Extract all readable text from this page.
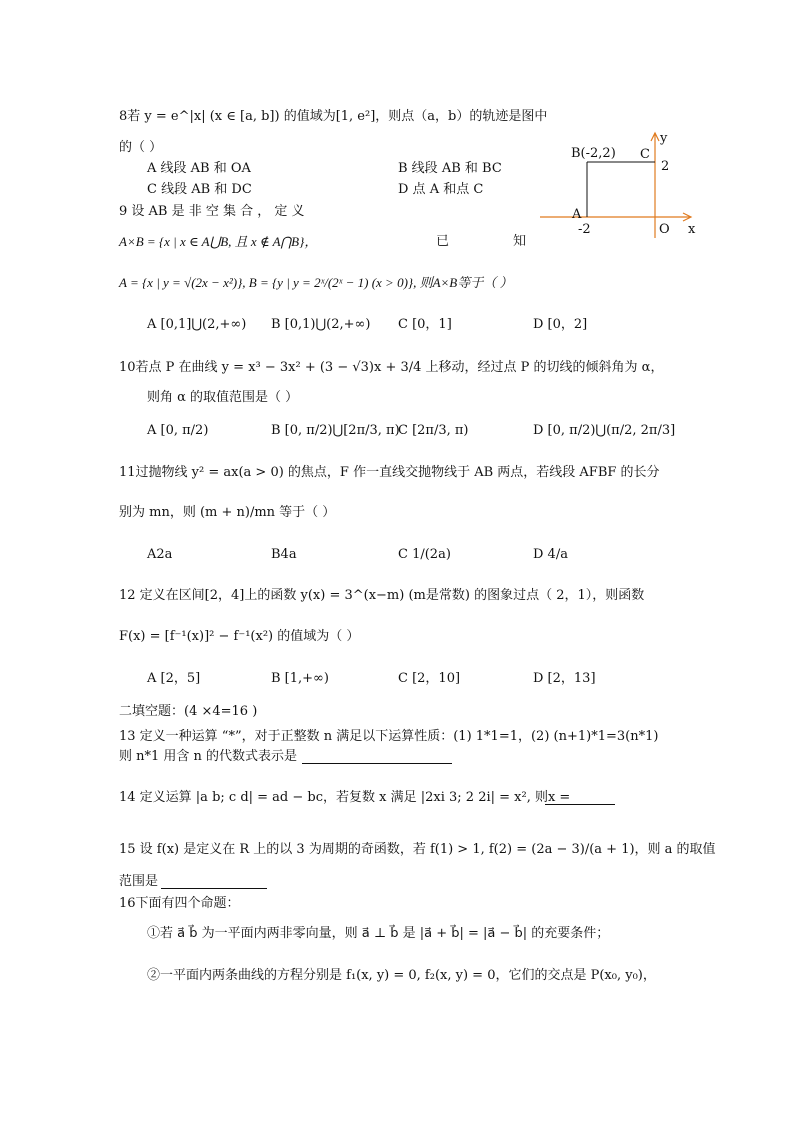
8若 y = e^|x| (x ∈ [a, b]) 的值域为[1, e²]，则点（a，b）的轨迹是图中
的（ ）
A 线段 AB 和 OA	B 线段 AB 和 BC
C 线段 AB 和 DC	D 点 A 和点 C
y
B(-2,2) C
2
A
-2	O x
9 设 AB 是 非 空 集 合 ， 定 义
A×B = {x | x ∈ A⋃B, 且 x ∉ A⋂B}，	已	知
A = {x | y = √(2x − x²)}, B = {y | y = 2ˣ/(2ˣ − 1) (x > 0)}, 则A×B等于（ ）
A [0,1]⋃(2,+∞) B [0,1)⋃(2,+∞) C [0，1]	D [0，2]
10若点 P 在曲线 y = x³ − 3x² + (3 − √3)x + 3/4 上移动，经过点 P 的切线的倾斜角为 α，
则角 α 的取值范围是（ ）
A [0, π/2)	B [0, π/2)⋃[2π/3, π)
C [2π/3, π)	D [0, π/2)⋃(π/2, 2π/3]
11过抛物线 y² = ax(a > 0) 的焦点，F 作一直线交抛物线于 AB 两点，若线段 AFBF 的长分
别为 mn，则 (m + n)/mn 等于（ ）
A2a	B4a	C 1/(2a)	D 4/a
12 定义在区间[2，4]上的函数 y(x) = 3^(x−m) (m是常数) 的图象过点（ 2，1），则函数
F(x) = [f⁻¹(x)]² − f⁻¹(x²) 的值域为（ ）
A [2，5]	B [1,+∞)	C [2，10]	D [2，13]
二填空题：(4 ×4=16 )
13 定义一种运算 “*”，对于正整数 n 满足以下运算性质：(1) 1*1=1，(2) (n+1)*1=3(n*1)
则 n*1 用含 n 的代数式表示是
14 定义运算 |a b; c d| = ad − bc，若复数 x 满足 |2xi 3; 2 2i| = x², 则x =
15 设 f(x) 是定义在 R 上的以 3 为周期的奇函数，若 f(1) > 1, f(2) = (2a − 3)/(a + 1)，则 a 的取值
范围是
16下面有四个命题：
①若 a⃗ b⃗ 为一平面内两非零向量，则 a⃗ ⊥ b⃗ 是 |a⃗ + b⃗| = |a⃗ − b⃗| 的充要条件；
②一平面内两条曲线的方程分别是 f₁(x, y) = 0, f₂(x, y) = 0，它们的交点是 P(x₀, y₀)，
